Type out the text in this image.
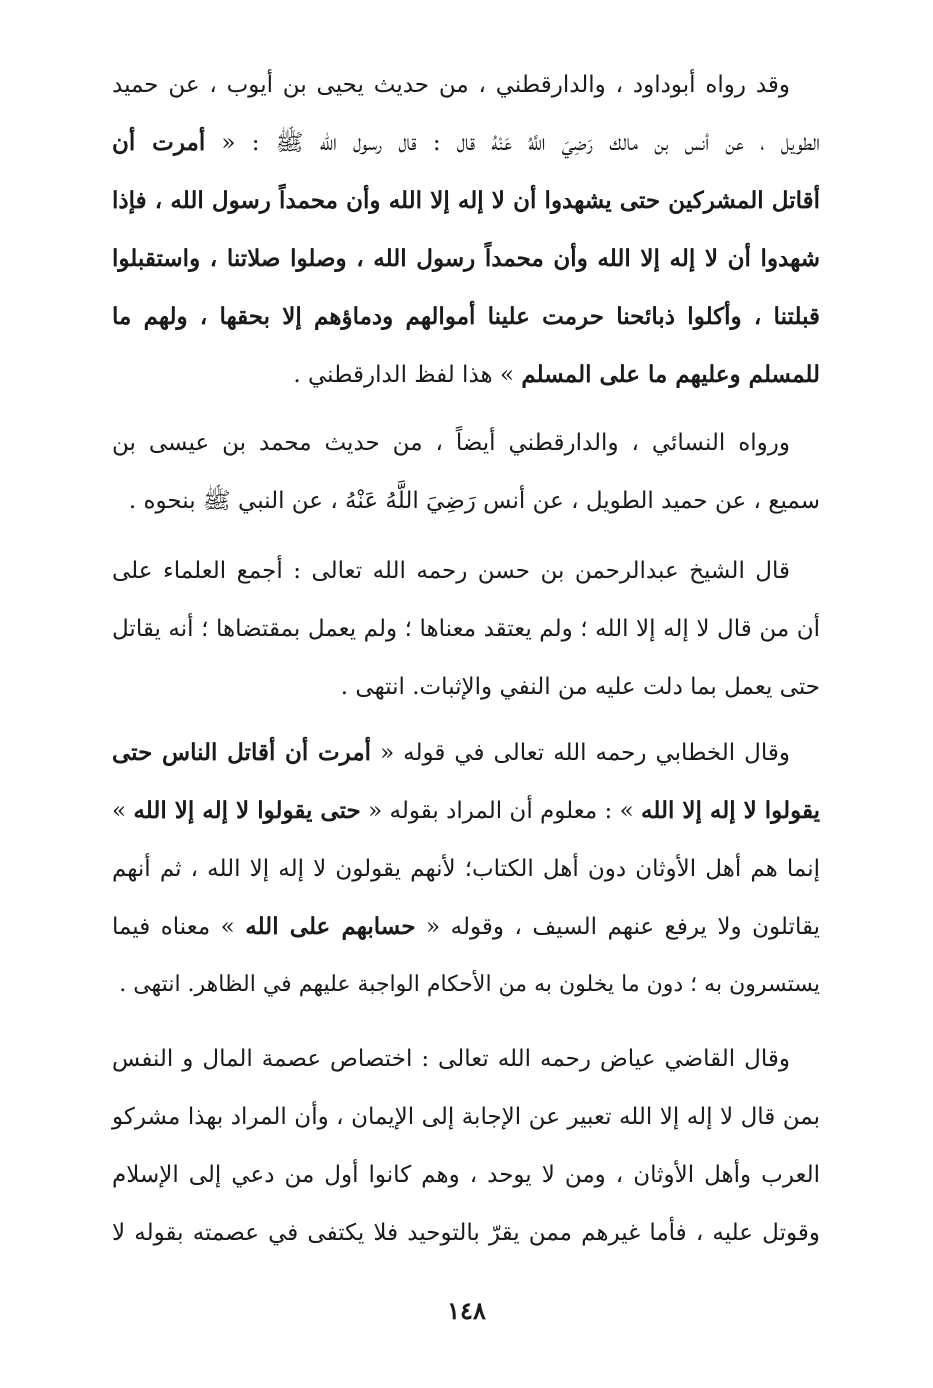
وقد رواه أبوداود ، والدارقطني ، من حديث يحيى بن أيوب ، عن حميد
الطويل ، عن أنس بن مالك رَضِيَ اللَّهُ عَنْهُ قال : قال رسول الله ﷺ : « أمرت أن
أقاتل المشركين حتى يشهدوا أن لا إله إلا الله وأن محمداً رسول الله ، فإذا
شهدوا أن لا إله إلا الله وأن محمداً رسول الله ، وصلوا صلاتنا ، واستقبلوا
قبلتنا ، وأكلوا ذبائحنا حرمت علينا أموالهم ودماؤهم إلا بحقها ، ولهم ما
للمسلم وعليهم ما على المسلم » هذا لفظ الدارقطني .
ورواه النسائي ، والدارقطني أيضاً ، من حديث محمد بن عيسى بن
سميع ، عن حميد الطويل ، عن أنس رَضِيَ اللَّهُ عَنْهُ ، عن النبي ﷺ بنحوه .
قال الشيخ عبدالرحمن بن حسن رحمه الله تعالى : أجمع العلماء على
أن من قال لا إله إلا الله ؛ ولم يعتقد معناها ؛ ولم يعمل بمقتضاها ؛ أنه يقاتل
حتى يعمل بما دلت عليه من النفي والإثبات. انتهى .
وقال الخطابي رحمه الله تعالى في قوله « أمرت أن أقاتل الناس حتى
يقولوا لا إله إلا الله » : معلوم أن المراد بقوله « حتى يقولوا لا إله إلا الله »
إنما هم أهل الأوثان دون أهل الكتاب؛ لأنهم يقولون لا إله إلا الله ، ثم أنهم
يقاتلون ولا يرفع عنهم السيف ، وقوله « حسابهم على الله » معناه فيما
يستسرون به ؛ دون ما يخلون به من الأحكام الواجبة عليهم في الظاهر. انتهى .
وقال القاضي عياض رحمه الله تعالى : اختصاص عصمة المال و النفس
بمن قال لا إله إلا الله تعبير عن الإجابة إلى الإيمان ، وأن المراد بهذا مشركو
العرب وأهل الأوثان ، ومن لا يوحد ، وهم كانوا أول من دعي إلى الإسلام
وقوتل عليه ، فأما غيرهم ممن يقرّ بالتوحيد فلا يكتفى في عصمته بقوله لا
١٤٨
